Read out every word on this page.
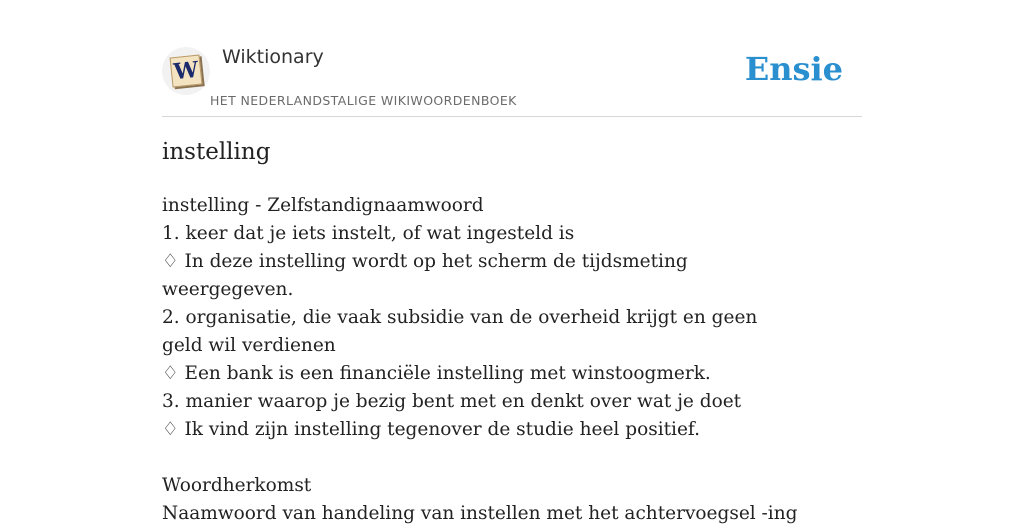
W Wiktionary
HET NEDERLANDSTALIGE WIKIWOORDENBOEK
Ensie
instelling
instelling - Zelfstandignaamwoord
1. keer dat je iets instelt, of wat ingesteld is
♢ In deze instelling wordt op het scherm de tijdsmeting weergegeven.
2. organisatie, die vaak subsidie van de overheid krijgt en geen geld wil verdienen
♢ Een bank is een financiële instelling met winstoogmerk.
3. manier waarop je bezig bent met en denkt over wat je doet
♢ Ik vind zijn instelling tegenover de studie heel positief.
Woordherkomst
Naamwoord van handeling van instellen met het achtervoegsel -ing
